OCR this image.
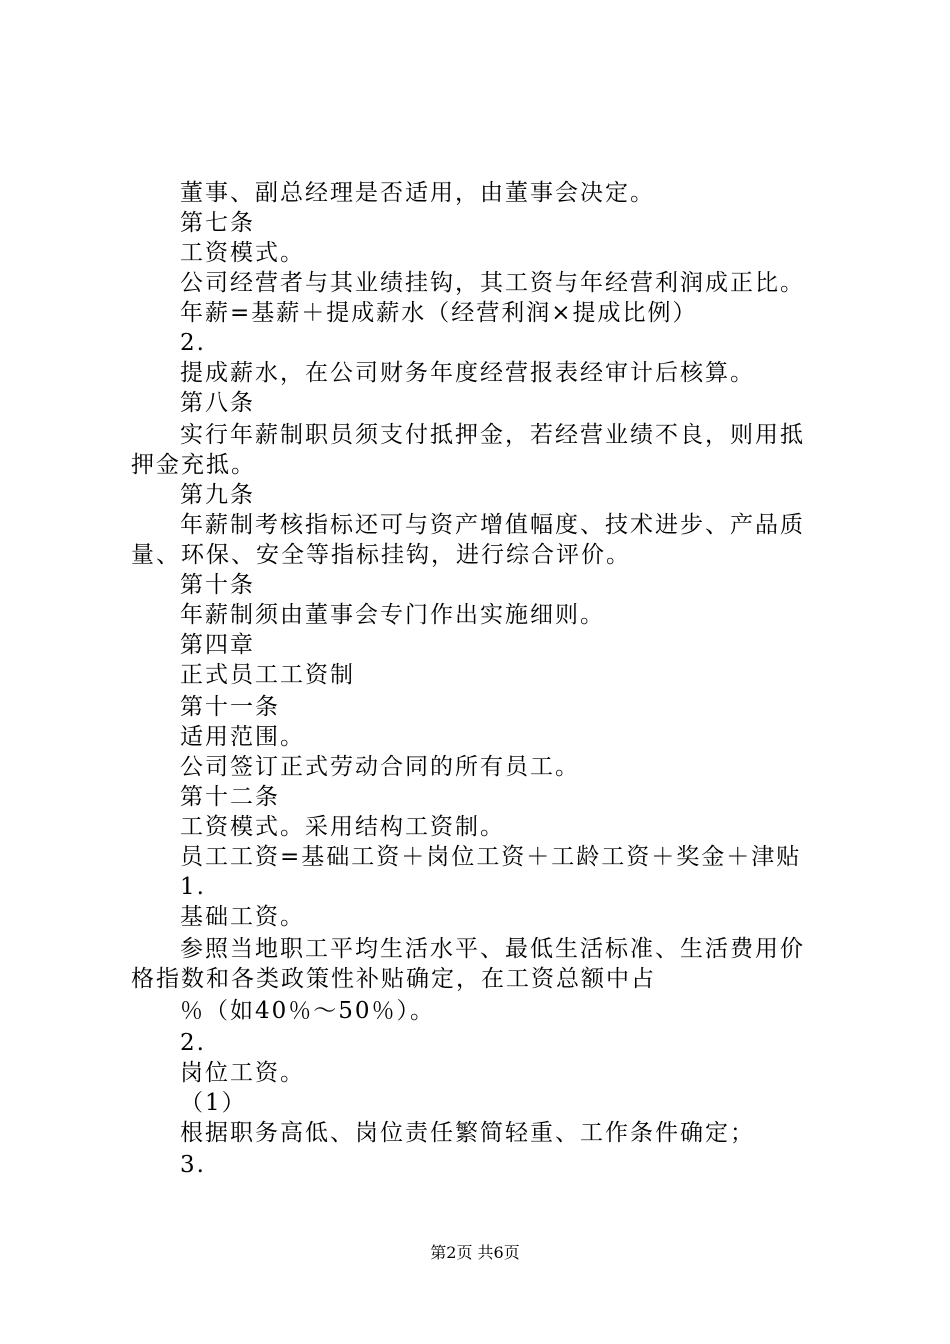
董事、副总经理是否适用，由董事会决定。
第七条
工资模式。
公司经营者与其业绩挂钩，其工资与年经营利润成正比。
年薪=基薪＋提成薪水（经营利润×提成比例）
2.
提成薪水，在公司财务年度经营报表经审计后核算。
第八条
实行年薪制职员须支付抵押金，若经营业绩不良，则用抵
押金充抵。
第九条
年薪制考核指标还可与资产增值幅度、技术进步、产品质
量、环保、安全等指标挂钩，进行综合评价。
第十条
年薪制须由董事会专门作出实施细则。
第四章
正式员工工资制
第十一条
适用范围。
公司签订正式劳动合同的所有员工。
第十二条
工资模式。采用结构工资制。
员工工资=基础工资＋岗位工资＋工龄工资＋奖金＋津贴
1.
基础工资。
参照当地职工平均生活水平、最低生活标准、生活费用价
格指数和各类政策性补贴确定，在工资总额中占
％（如40％～50％）。
2.
岗位工资。
（1）
根据职务高低、岗位责任繁简轻重、工作条件确定；
3.
第2页 共6页
